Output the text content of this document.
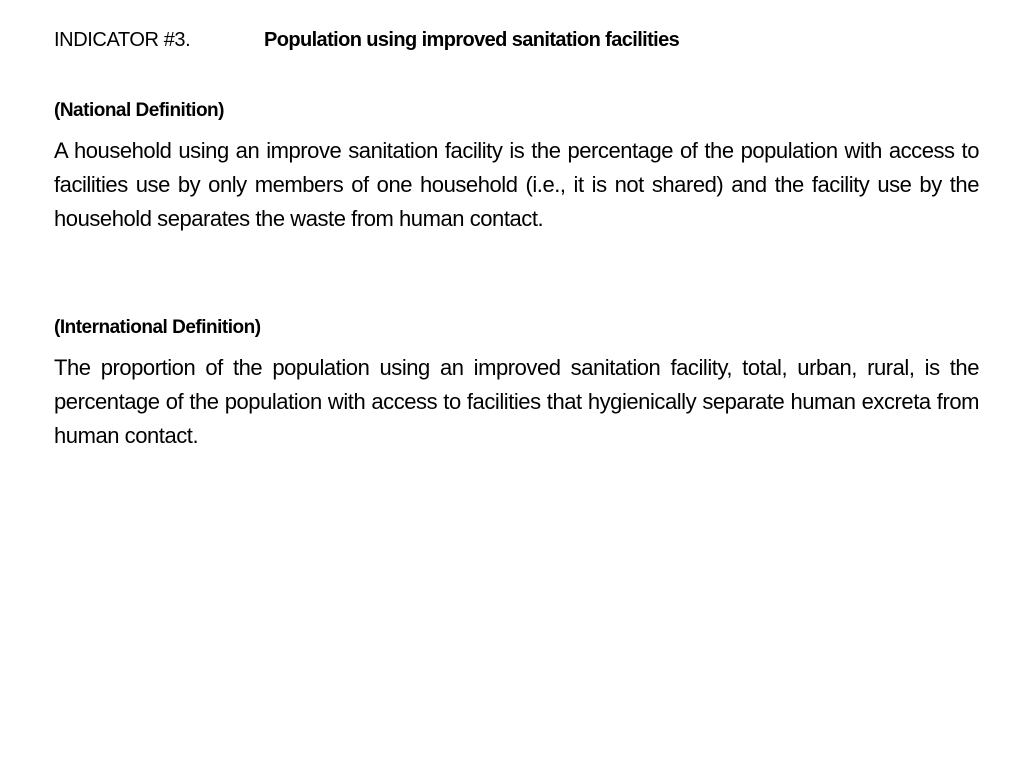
INDICATOR #3.	Population using improved sanitation facilities
(National Definition)

A household using an improve sanitation facility is the percentage of the population with access to facilities use by only members of one household (i.e., it is not shared) and the facility use by the household separates the waste from human contact.

(International Definition)

The proportion of the population using an improved sanitation facility, total, urban, rural, is the percentage of the population with access to facilities that hygienically separate human excreta from human contact.
